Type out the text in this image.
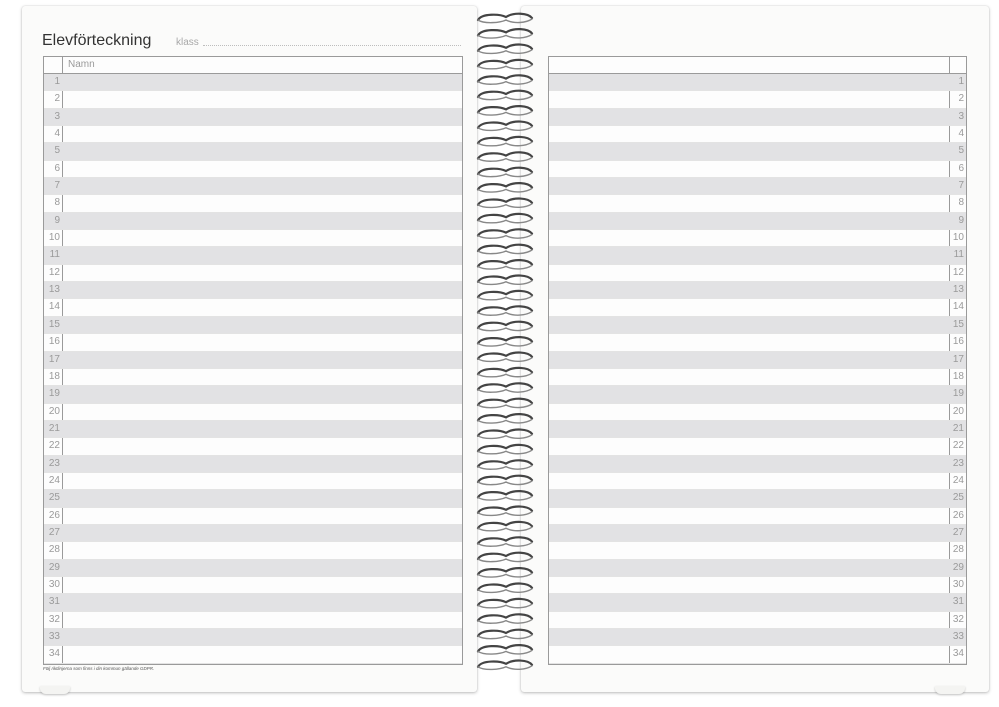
Elevförteckning klass
Namn
1
2
3
4
5
6
7
8
9
10
11
12
13
14
15
16
17
18
19
20
21
22
23
24
25
26
27
28
29
30
31
32
33
34
1
2
3
4
5
6
7
8
9
10
11
12
13
14
15
16
17
18
19
20
21
22
23
24
25
26
27
28
29
30
31
32
33
34
Följ riktlinjerna som finns i din kommun gällande GDPR.
